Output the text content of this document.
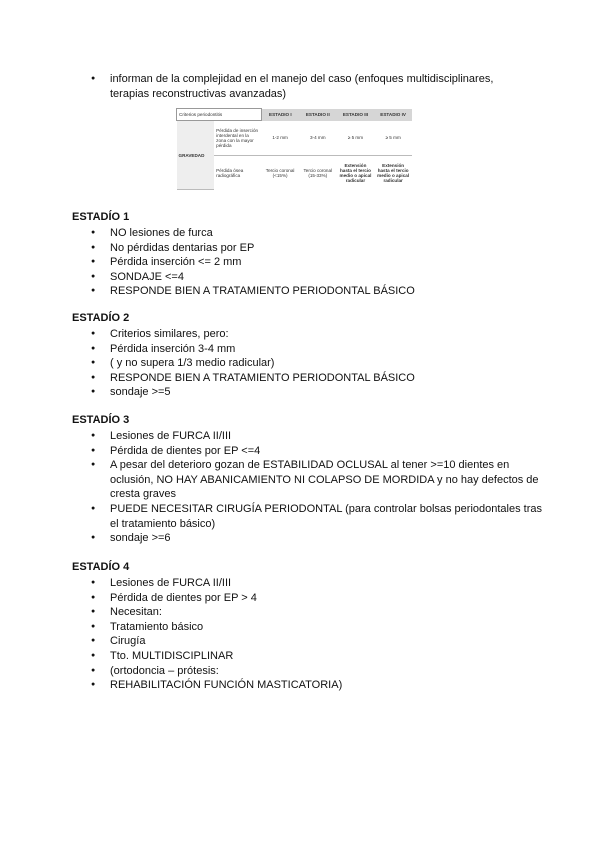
● informan de la complejidad en el manejo del caso (enfoques multidisciplinares, terapias reconstructivas avanzadas)
Criterios periodontitis		ESTADIO I	ESTADIO II	ESTADIO III	ESTADIO IV
GRAVEDAD	Pérdida de inserción interdental en la zona con la mayor pérdida	1-2 mm	3-4 mm	≥ 5 mm	≥ 5 mm
	Pérdida ósea radiográfica	Tercio coronal (<15%)	Tercio coronal (15-33%)	Extensión hasta el tercio medio o apical radicular	Extensión hasta el tercio medio o apical radicular
ESTADÍO 1
● NO lesiones de furca
● No pérdidas dentarias por EP
● Pérdida inserción <= 2 mm
● SONDAJE <=4
● RESPONDE BIEN A TRATAMIENTO PERIODONTAL BÁSICO
ESTADÍO 2
● Criterios similares, pero:
● Pérdida inserción 3-4 mm
● ( y no supera 1/3 medio radicular)
● RESPONDE BIEN A TRATAMIENTO PERIODONTAL BÁSICO
● sondaje >=5
ESTADÍO 3
● Lesiones de FURCA II/III
● Pérdida de dientes por EP <=4
● A pesar del deterioro gozan de ESTABILIDAD OCLUSAL al tener >=10 dientes en oclusión, NO HAY ABANICAMIENTO NI COLAPSO DE MORDIDA y no hay defectos de cresta graves
● PUEDE NECESITAR CIRUGÍA PERIODONTAL (para controlar bolsas periodontales tras el tratamiento básico)
● sondaje >=6
ESTADÍO 4
● Lesiones de FURCA II/III
● Pérdida de dientes por EP > 4
● Necesitan:
● Tratamiento básico
● Cirugía
● Tto. MULTIDISCIPLINAR
● (ortodoncia – prótesis:
● REHABILITACIÓN FUNCIÓN MASTICATORIA)
